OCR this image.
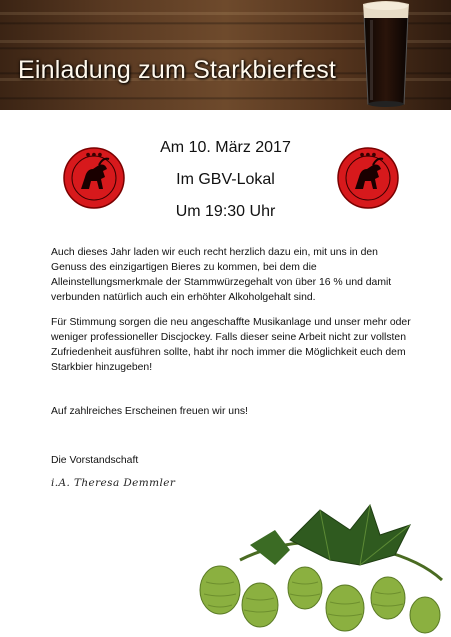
Einladung zum Starkbierfest
● ● ●	● ● ●
Am 10. März 2017
Im GBV-Lokal
Um 19:30 Uhr
Auch dieses Jahr laden wir euch recht herzlich dazu ein, mit uns in den Genuss des einzigartigen Bieres zu kommen, bei dem die Alleinstellungsmerkmale der Stammwürzegehalt von über 16 % und damit verbunden natürlich auch ein erhöhter Alkoholgehalt sind.
Für Stimmung sorgen die neu angeschaffte Musikanlage und unser mehr oder weniger professioneller Discjockey. Falls dieser seine Arbeit nicht zur vollsten Zufriedenheit ausführen sollte, habt ihr noch immer die Möglichkeit euch dem Starkbier hinzugeben!
Auf zahlreiches Erscheinen freuen wir uns!
Die Vorstandschaft
i.A. Theresa Demmler
